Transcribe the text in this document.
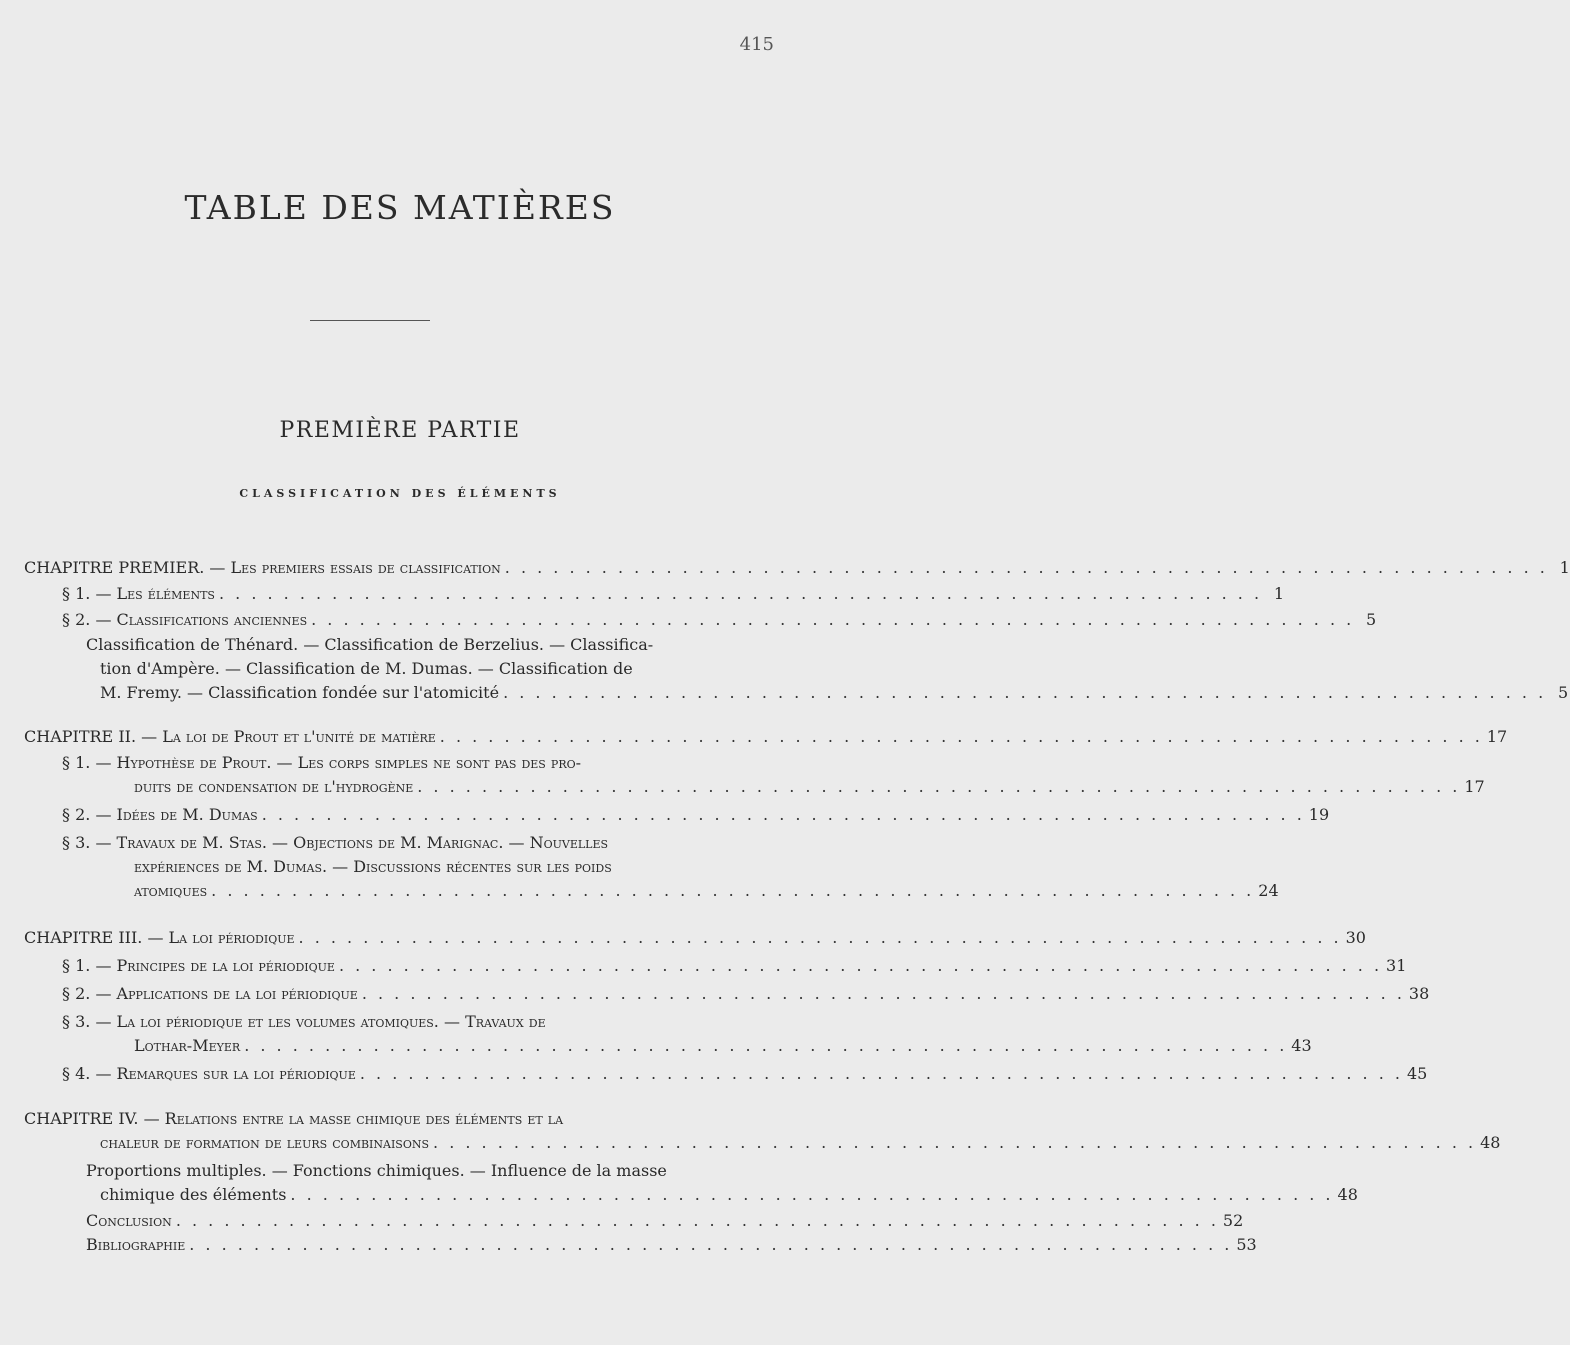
415
TABLE DES MATIÈRES
PREMIÈRE PARTIE
CLASSIFICATION DES ÉLÉMENTS
CHAPITRE PREMIER. — Les premiers essais de classification . . . . . . . . . . . . . . . . . . . . . . . . . . . . . . . . . . . . . . . . . . . . . . . . . . . . . . . . . . . . . . . . . 1
§ 1. — Les éléments . . . . . . . . . . . . . . . . . . . . . . . . . . . . . . . . . . . . . . . . . . . . . . . . . . . . . . . . . . . . . . . . . 1
§ 2. — Classifications anciennes . . . . . . . . . . . . . . . . . . . . . . . . . . . . . . . . . . . . . . . . . . . . . . . . . . . . . . . . . . . . . . . . . 5
Classification de Thénard. — Classification de Berzelius. — Classifica-
tion d'Ampère. — Classification de M. Dumas. — Classification de
M. Fremy. — Classification fondée sur l'atomicité . . . . . . . . . . . . . . . . . . . . . . . . . . . . . . . . . . . . . . . . . . . . . . . . . . . . . . . . . . . . . . . . . 5
CHAPITRE II. — La loi de Prout et l'unité de matière . . . . . . . . . . . . . . . . . . . . . . . . . . . . . . . . . . . . . . . . . . . . . . . . . . . . . . . . . . . . . . . . . 17
§ 1. — Hypothèse de Prout. — Les corps simples ne sont pas des pro-
duits de condensation de l'hydrogène . . . . . . . . . . . . . . . . . . . . . . . . . . . . . . . . . . . . . . . . . . . . . . . . . . . . . . . . . . . . . . . . . 17
§ 2. — Idées de M. Dumas . . . . . . . . . . . . . . . . . . . . . . . . . . . . . . . . . . . . . . . . . . . . . . . . . . . . . . . . . . . . . . . . . 19
§ 3. — Travaux de M. Stas. — Objections de M. Marignac. — Nouvelles
expériences de M. Dumas. — Discussions récentes sur les poids
atomiques . . . . . . . . . . . . . . . . . . . . . . . . . . . . . . . . . . . . . . . . . . . . . . . . . . . . . . . . . . . . . . . . . 24
CHAPITRE III. — La loi périodique . . . . . . . . . . . . . . . . . . . . . . . . . . . . . . . . . . . . . . . . . . . . . . . . . . . . . . . . . . . . . . . . . 30
§ 1. — Principes de la loi périodique . . . . . . . . . . . . . . . . . . . . . . . . . . . . . . . . . . . . . . . . . . . . . . . . . . . . . . . . . . . . . . . . . 31
§ 2. — Applications de la loi périodique . . . . . . . . . . . . . . . . . . . . . . . . . . . . . . . . . . . . . . . . . . . . . . . . . . . . . . . . . . . . . . . . . 38
§ 3. — La loi périodique et les volumes atomiques. — Travaux de
Lothar-Meyer . . . . . . . . . . . . . . . . . . . . . . . . . . . . . . . . . . . . . . . . . . . . . . . . . . . . . . . . . . . . . . . . . 43
§ 4. — Remarques sur la loi périodique . . . . . . . . . . . . . . . . . . . . . . . . . . . . . . . . . . . . . . . . . . . . . . . . . . . . . . . . . . . . . . . . . 45
CHAPITRE IV. — Relations entre la masse chimique des éléments et la
chaleur de formation de leurs combinaisons . . . . . . . . . . . . . . . . . . . . . . . . . . . . . . . . . . . . . . . . . . . . . . . . . . . . . . . . . . . . . . . . . 48
Proportions multiples. — Fonctions chimiques. — Influence de la masse
chimique des éléments . . . . . . . . . . . . . . . . . . . . . . . . . . . . . . . . . . . . . . . . . . . . . . . . . . . . . . . . . . . . . . . . . 48
Conclusion . . . . . . . . . . . . . . . . . . . . . . . . . . . . . . . . . . . . . . . . . . . . . . . . . . . . . . . . . . . . . . . . . 52
Bibliographie . . . . . . . . . . . . . . . . . . . . . . . . . . . . . . . . . . . . . . . . . . . . . . . . . . . . . . . . . . . . . . . . . 53
